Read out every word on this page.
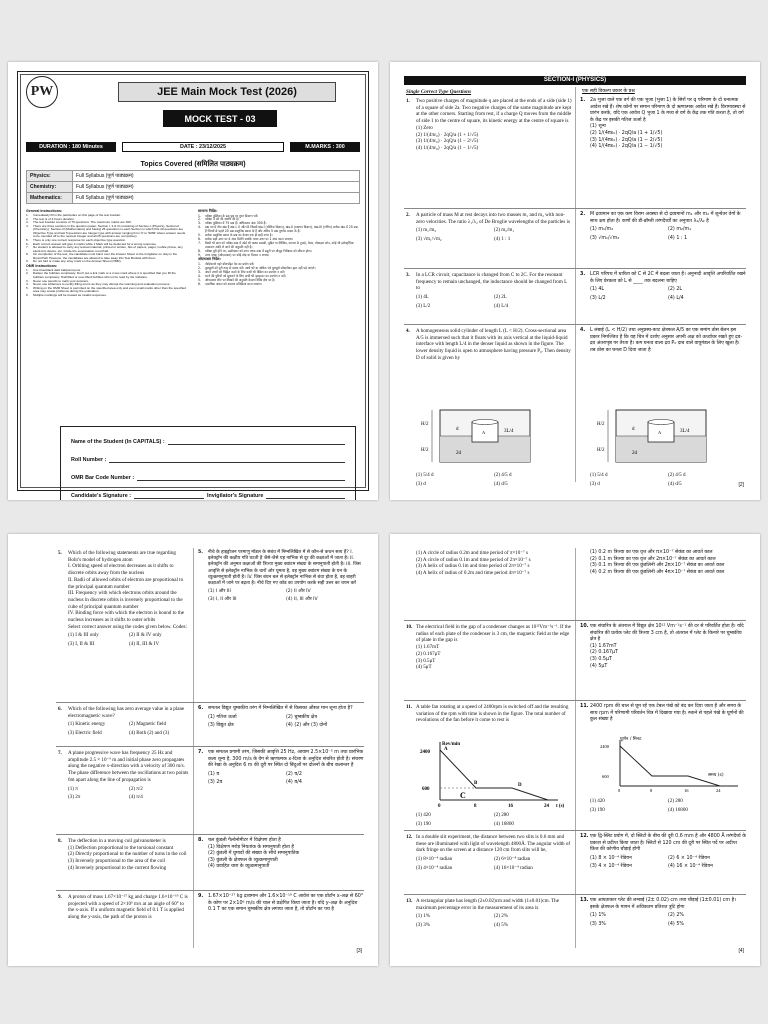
PW	JEE Main Mock Test (2026)
MOCK TEST - 03
DURATION : 180 Minutes	DATE : 23/12/2025	M.MARKS : 300
Topics Covered (समिलित पाठ्यक्रम)
Physics:	Full Syllabus (पूर्ण पाठ्यक्रम)
Chemistry:	Full Syllabus (पूर्ण पाठ्यक्रम)
Mathematics:	Full Syllabus (पूर्ण पाठ्यक्रम)
General Instructions:
1.	Immediately fill in the particulars on this page of the test booklet.
2.	The test is of 3 hours duration.
3.	The test booklet consists of 75 questions. The maximum marks are 300.
4.	There are three sections in the question paper, Section I, II & III consisting of Section-I (Physics), Section-II (Chemistry), Section-III (Mathematics) and having 25 questions in each Section in which first 20 questions are Objective Type and last 5 questions are Integer type with answer ranging from '0' to '9999' where answer needs to be rounded off to the nearest integer and all 25 questions are compulsory.
5.	There is only one correct response for each objective type question.
6.	Each correct answer will give 4 marks while 1 Mark will be deducted for a wrong response.
7.	No student is allowed to carry any textual material, printed or written, bits of papers, pager, mobile phone, any electronic device, etc. inside the examination room/hall.
8.	On completion of the test, the candidate must hand over the Answer Sheet to the Invigilator on duty in the Room/Hall. However, the candidates are allowed to take away this Test Booklet with them.
9.	Do not fold or make any stray mark on the Answer Sheet (OMR).
OMR Instructions:
1.	Use blue/black dark ballpoint pens.
2.	Darken the bubbles completely. Don't put a tick mark or a cross mark where it is specified that you fill the bubbles completely. Half-filled or over-filled bubbles will not be read by the software.
3.	Never use pencils to mark your answers.
4.	Never use whiteners to rectify filling errors as they may disrupt the scanning and evaluation process.
5.	Writing on the OMR Sheet is permitted on the specified area only and even small marks other than the specified area may create problems during the evaluation.
6.	Multiple markings will be treated as invalid responses.
सामान्य निर्देश:
1.	परीक्षा पुस्तिका के इस पृष्ठ पर तुरंत विवरण भरें।
2.	परीक्षा 3 घंटे की अवधि की है।
3.	परीक्षा पुस्तिका में 75 प्रश्न हैं। अधिकतम अंक 300 हैं।
4.	प्रश्न पत्र में तीन खंड हैं खंड I, II और III जिसमें खंड-I (भौतिक विज्ञान), खंड-II (रसायन विज्ञान), खंड-III (गणित) प्रत्येक खंड में 25 प्रश्न हैं जिनमें से पहले 20 प्रश्न वस्तुनिष्ठ प्रकार के हैं और अंतिम 5 प्रश्न पूर्णांक प्रकार के हैं।
5.	प्रत्येक वस्तुनिष्ठ प्रकार के प्रश्न का केवल एक ही सही उत्तर है।
6.	प्रत्येक सही उत्तर पर 4 अंक मिलेंगे जबकि गलत उत्तर पर 1 अंक काटा जाएगा।
7.	किसी भी छात्र को परीक्षा कक्ष में कोई भी पाठ्य सामग्री, मुद्रित या लिखित, कागज के टुकड़े, पेजर, मोबाइल फोन, कोई भी इलेक्ट्रॉनिक उपकरण आदि ले जाने की अनुमति नहीं है।
8.	परीक्षा पूरी होने पर, उम्मीदवार को उत्तर पत्रक कक्ष में ड्यूटी पर मौजूद निरीक्षक को सौंपना होगा।
9.	उत्तर पत्रक (ओएमआर) पर कोई मोड़ या निशान न लगाएं।
ओएमआर निर्देश:
1.	नीले/काले गहरे बॉलपॉइंट पेन का प्रयोग करें।
2.	बुलबुलों को पूरी तरह से काला करें। आधे भरे या अधिक भरे बुलबुले सॉफ्टवेयर द्वारा नहीं पढ़े जाएंगे।
3.	अपने उत्तरों को चिह्नित करने के लिए कभी भी पेंसिल का उपयोग न करें।
4.	भरने की त्रुटियों को सुधारने के लिए कभी भी व्हाइटनर का उपयोग न करें।
5.	ओएमआर शीट पर लिखने की अनुमति केवल निर्दिष्ट क्षेत्र पर है।
6.	एकाधिक अंकन को अमान्य प्रतिक्रिया माना जाएगा।
Name of the Student (In CAPITALS) :
Roll Number :
OMR Bar Code Number :
Candidate's Signature :	Invigilator's Signature
SECTION-I (PHYSICS)
Single Correct Type Questions	एक सही विकल्प प्रकार के प्रश्न
1. Two positive charges of magnitude q are placed at the ends of a side (side 1) of a square of side 2a. Two negative charges of the same magnitude are kept at the other corners. Starting from rest, if a charge Q moves from the middle of side 1 to the centre of square, its kinetic energy at the centre of square is
(1) Zero
(2) 1/(4πε₀) · 2qQ/a (1 + 1/√5)
(3) 1/(4πε₀) · 2qQ/a (1 − 2/√5)
(4) 1/(4πε₀) · 2qQ/a (1 − 1/√5)
1. 2a भुजा वाले एक वर्ग की एक भुजा (भुजा 1) के सिरों पर q परिमाण के दो धनात्मक आवेश रखे हैं। शेष कोनों पर समान परिमाण के दो ऋणात्मक आवेश रखे हैं। विरामावस्था से प्रारंभ करके, यदि एक आवेश Q भुजा 1 के मध्य से वर्ग के केंद्र तक गति करता है, तो वर्ग के केंद्र पर इसकी गतिज ऊर्जा है
(1) शून्य
(2) 1/(4πε₀) · 2qQ/a (1 + 1/√5)
(3) 1/(4πε₀) · 2qQ/a (1 − 2/√5)
(4) 1/(4πε₀) · 2qQ/a (1 − 1/√5)
2. A particle of mass M at rest decays into two masses m₁ and m₂ with non-zero velocities. The ratio λ₁/λ₂ of De Broglie wavelengths of the particles is
(1) m₁/m₂	(2) m₂/m₁
(3) √m₁/√m₂	(4) 1 : 1
2. M द्रव्यमान का एक कण विराम अवस्था से दो द्रव्यमानों m₁ और m₂ में शून्येतर वेगों के साथ क्षय होता है। कणों की डी-ब्रॉग्ली तरंगदैर्ध्यों का अनुपात λ₁/λ₂ है
(1) m₁/m₂	(2) m₂/m₁
(3) √m₁/√m₂	(4) 1 : 1
3. In a LCR circuit, capacitance is changed from C to 2C. For the resonant frequency to remain unchanged, the inductance should be changed from L to
(1) 4L	(2) 2L
(3) L/2	(4) L/4
3. LCR परिपथ में धारिता को C से 2C में बदला जाता है। अनुनादी आवृत्ति अपरिवर्तित रखने के लिए प्रेरकत्व को L से ____ तक बदलना चाहिए
(1) 4L	(2) 2L
(3) L/2	(4) L/4
4. A homogeneous solid cylinder of length L (L < H/2). Cross-sectional area A/5 is immersed such that it floats with its axis vertical at the liquid-liquid interface with length L/4 in the denser liquid as shown in the figure. The lower density liquid is open to atmosphere having pressure P₀. Then density D of solid is given by
4. L लंबाई (L < H/2) तथा अनुप्रस्थ-काट क्षेत्रफल A/5 का एक समांग ठोस बेलन इस प्रकार निमज्जित है कि यह चित्र में दर्शाए अनुसार अपनी अक्ष को ऊर्ध्वाधर रखते हुए द्रव-द्रव अंतरापृष्ठ पर तैरता है। कम घनत्व वाला द्रव P₀ दाब वाले वायुमंडल के लिए खुला है। तब ठोस का घनत्व D दिया जाता है
H/2
H/2
d
2d
3L/4
A
H/2
H/2
d
2d
3L/4
A
(1) 5/4 d	(2) 4/5 d
(3) d	(4) d/5
(1) 5/4 d	(2) 4/5 d
(3) d	(4) d/5	[2]
5. Which of the following statements are true regarding Bohr's model of hydrogen atom
I. Orbiting speed of electron decreases as it shifts to discrete orbits away from the nucleus
II. Radii of allowed orbits of electron are proportional to the principal quantum number
III. Frequency with which electrons orbits around the nucleus in discrete orbits is inversely proportional to the cube of principal quantum number
IV. Binding force with which the electron is bound to the nucleus increases as it shifts to outer orbits
Select correct answer using the codes given below. Codes:
(1) I & III only	(2) II & IV only
(3) I, II & III	(4) II, III & IV
5. नीचे के हाइड्रोजन परमाणु मॉडल के संबंध में निम्नलिखित में से कौन-से कथन सत्य हैं? I. इलेक्ट्रॉन की कक्षीय गति घटती है जैसे-जैसे यह नाभिक से दूर की कक्षाओं में जाता है। II. इलेक्ट्रॉन की अनुमत कक्षाओं की त्रिज्या मुख्य क्वांटम संख्या के समानुपाती होती है। III. जिस आवृत्ति से इलेक्ट्रॉन नाभिक के चारों ओर घूमता है, वह मुख्य क्वांटम संख्या के घन के व्युत्क्रमानुपाती होती है। IV. जिस बंधन बल से इलेक्ट्रॉन नाभिक से बंधा होता है, वह बाहरी कक्षाओं में जाने पर बढ़ता है। नीचे दिए गए कोड का उपयोग करके सही उत्तर का चयन करें
(1) I और III	(2) II और IV
(3) I, II और III	(4) II, III और IV
6. Which of the following has zero average value in a plane electromagnetic wave?
(1) Kinetic energy	(2) Magnetic field
(3) Electric field	(4) Both (2) and (3)
6. समतल विद्युत चुम्बकीय तरंग में निम्नलिखित में से किसका औसत मान शून्य होता है?
(1) गतिज ऊर्जा	(2) चुम्बकीय क्षेत्र
(3) विद्युत क्षेत्र	(4) (2) और (3) दोनों
7. A plane progressive wave has frequency 25 Hz and amplitude 2.5 × 10⁻⁵ m and initial phase zero propagates along the negative x-direction with a velocity of 300 m/s. The phase difference between the oscillations at two points 6m apart along the line of propagation is
(1) π	(2) π/2
(3) 2π	(4) π/4
7. एक समतल प्रगामी तरंग, जिसकी आवृत्ति 25 Hz, आयाम 2.5×10⁻⁵ m तथा प्रारंभिक कला शून्य है, 300 m/s के वेग से ऋणात्मक x-दिशा के अनुदिश संचरित होती है। संचरण की रेखा के अनुदिश 6 m की दूरी पर स्थित दो बिंदुओं पर दोलनों के बीच कलान्तर है
(1) π	(2) π/2
(3) 2π	(4) π/4
8. The deflection in a moving coil galvanometer is
(1) Deflection proportional to the torsional constant
(2) Directly proportional to the number of turns in the coil
(3) Inversely proportional to the area of the coil
(4) Inversely proportional to the current flowing
8. चल कुंडली गैल्वेनोमीटर में विक्षेपण होता है
(1) विक्षेपण मरोड़ नियतांक के समानुपाती होता है
(2) कुंडली में घुमावों की संख्या के सीधे समानुपातिक
(3) कुंडली के क्षेत्रफल के व्युत्क्रमानुपाती
(4) प्रवाहित धारा के व्युत्क्रमानुपाती
9. A proton of mass 1.67×10⁻²⁷ kg and charge 1.6×10⁻¹⁹ C is projected with a speed of 2×10⁶ m/s at an angle of 60° to the x-axis. If a uniform magnetic field of 0.1 T is applied along the y-axis, the path of the proton is
9. 1.67×10⁻²⁷ kg द्रव्यमान और 1.6×10⁻¹⁹ C आवेश का एक प्रोटॉन x-अक्ष से 60° के कोण पर 2×10⁶ m/s की चाल से प्रक्षेपित किया जाता है। यदि y-अक्ष के अनुदिश 0.1 T का एक समान चुम्बकीय क्षेत्र लगाया जाता है, तो प्रोटॉन का पथ है
[3]
(1) A circle of radius 0.2m and time period of π×10⁻⁷ s
(2) A circle of radius 0.1m and time period of 2π×10⁻⁷ s
(3) A helix of radius 0.1m and time period of 2π×10⁻⁷ s
(4) A helix of radius of 0.2m and time period 4π×10⁻⁷ s
(1) 0.2 m त्रिज्या का एक वृत्त और π×10⁻⁷ सेकंड का आवर्त काल
(2) 0.1 m त्रिज्या का एक वृत्त और 2π×10⁻⁷ सेकंड का आवर्त काल
(3) 0.1 m त्रिज्या की एक कुंडलिनी और 2π×10⁻⁷ सेकंड का आवर्त काल
(4) 0.2 m त्रिज्या की एक कुंडलिनी और 4π×10⁻⁷ सेकंड का आवर्त काल
10. The electrical field in the gap of a condenser changes as 10¹²Vm⁻¹s⁻¹. If the radius of each plate of the condenser is 3 cm, the magnetic field at the edge of plate in the gap is
(1) 1.67mT
(2) 0.167μT
(3) 0.5μT
(4) 5μT
10. एक संधारित्र के अंतराल में विद्युत क्षेत्र 10¹² Vm⁻¹s⁻¹ की दर से परिवर्तित होता है। यदि संधारित्र की प्रत्येक प्लेट की त्रिज्या 3 cm है, तो अंतराल में प्लेट के किनारे पर चुम्बकीय क्षेत्र है
(1) 1.67mT
(2) 0.167μT
(3) 0.5μT
(4) 5μT
11. A table fan rotating at a speed of 2400rpm is switched off and the resulting variation of the rpm with time is shown in the figure. The total number of revolutions of the fan before it come to rest is
11. 2400 rpm की चाल से घूम रहे एक टेबल पंखे को बंद कर दिया जाता है और समय के साथ rpm में परिणामी परिवर्तन चित्र में दिखाया गया है। रुकने से पहले पंखे के घूर्णनों की कुल संख्या है
Rev/min
2400
600
0	8	16	24 t (s)
A
B
C
D
घूर्णन / मिनट
2400
600
0	8	16	24
समय (s)
(1) 420	(2) 280
(3) 190	(4) 16800
(1) 420	(2) 280
(3) 190	(4) 16800
12. In a double slit experiment, the distance between two slits is 0.6 mm and these are illuminated with light of wavelength 4800Å. The angular width of dark fringe on the screen at a distance 120 cm from slits will be,
(1) 8×10⁻⁴ radian	(2) 6×10⁻⁴ radian
(3) 4×10⁻⁴ radian	(4) 16×10⁻⁴ radian
12. एक द्वि-स्लिट प्रयोग में, दो स्लिटों के बीच की दूरी 0.6 mm है और 4800 Å तरंगदैर्ध्य के प्रकाश से प्रदीप्त किया जाता है। स्लिटों से 120 cm की दूरी पर स्थित पर्दे पर अदीप्त फ्रिंज की कोणीय चौड़ाई होगी
(1) 8 × 10⁻⁴ रेडियन	(2) 6 × 10⁻⁴ रेडियन
(3) 4 × 10⁻⁴ रेडियन	(4) 16 × 10⁻⁴ रेडियन
13. A rectangular plate has length (2±0.02)cm and width (1±0.01)cm. The maximum percentage error in the measurement of its area is
(1) 1%	(2) 2%
(3) 3%	(4) 5%
13. एक आयताकार प्लेट की लम्बाई (2± 0.02) cm तथा चौड़ाई (1±0.01) cm है। इसके क्षेत्रफल के मापन में अधिकतम प्रतिशत त्रुटि होगा
(1) 1%	(2) 2%
(3) 3%	(4) 5%
[4]
